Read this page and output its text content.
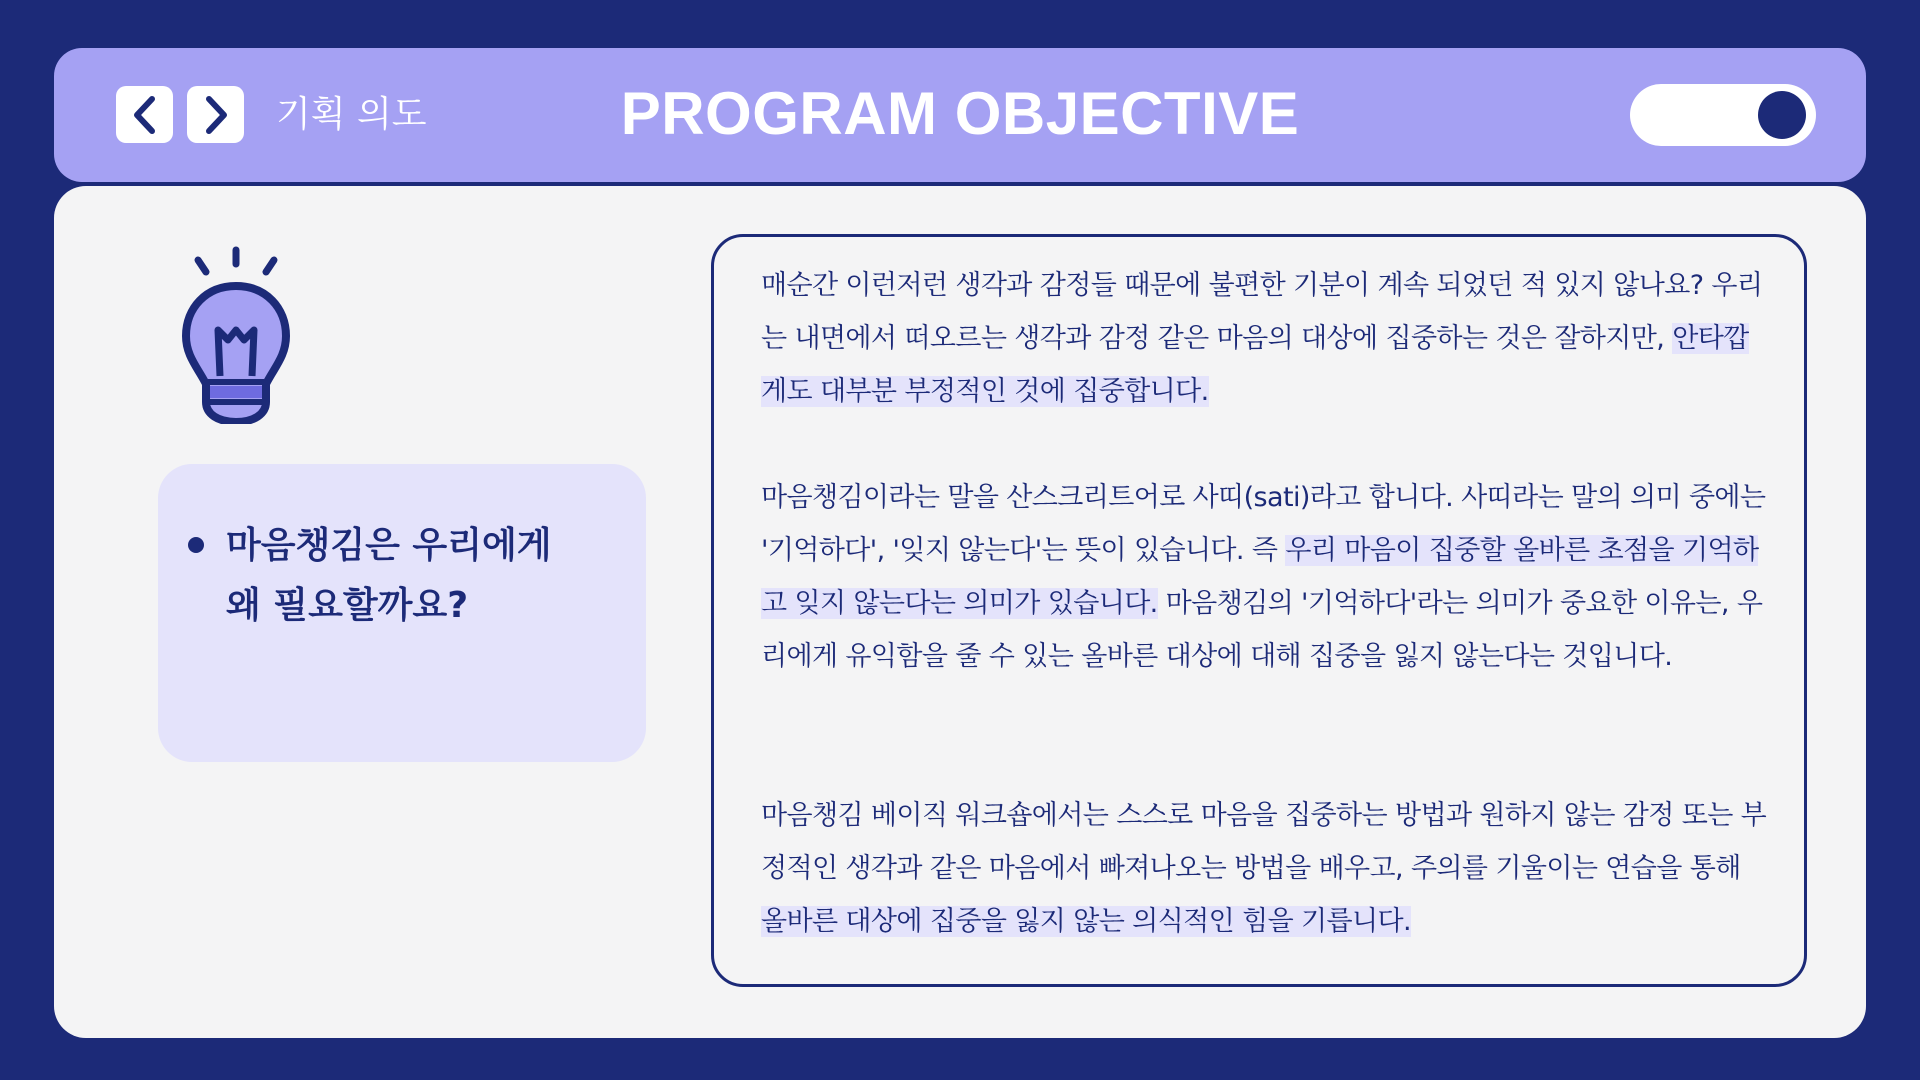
기획 의도	PROGRAM OBJECTIVE
마음챙김은 우리에게
왜 필요할까요?

매순간 이런저런 생각과 감정들 때문에 불편한 기분이 계속 되었던 적 있지 않나요? 우리는 내면에서 떠오르는 생각과 감정 같은 마음의 대상에 집중하는 것은 잘하지만, 안타깝게도 대부분 부정적인 것에 집중합니다.

마음챙김이라는 말을 산스크리트어로 사띠(sati)라고 합니다. 사띠라는 말의 의미 중에는 '기억하다', '잊지 않는다'는 뜻이 있습니다. 즉 우리 마음이 집중할 올바른 초점을 기억하고 잊지 않는다는 의미가 있습니다. 마음챙김의 '기억하다'라는 의미가 중요한 이유는, 우리에게 유익함을 줄 수 있는 올바른 대상에 대해 집중을 잃지 않는다는 것입니다.

마음챙김 베이직 워크숍에서는 스스로 마음을 집중하는 방법과 원하지 않는 감정 또는 부정적인 생각과 같은 마음에서 빠져나오는 방법을 배우고, 주의를 기울이는 연습을 통해 올바른 대상에 집중을 잃지 않는 의식적인 힘을 기릅니다.
